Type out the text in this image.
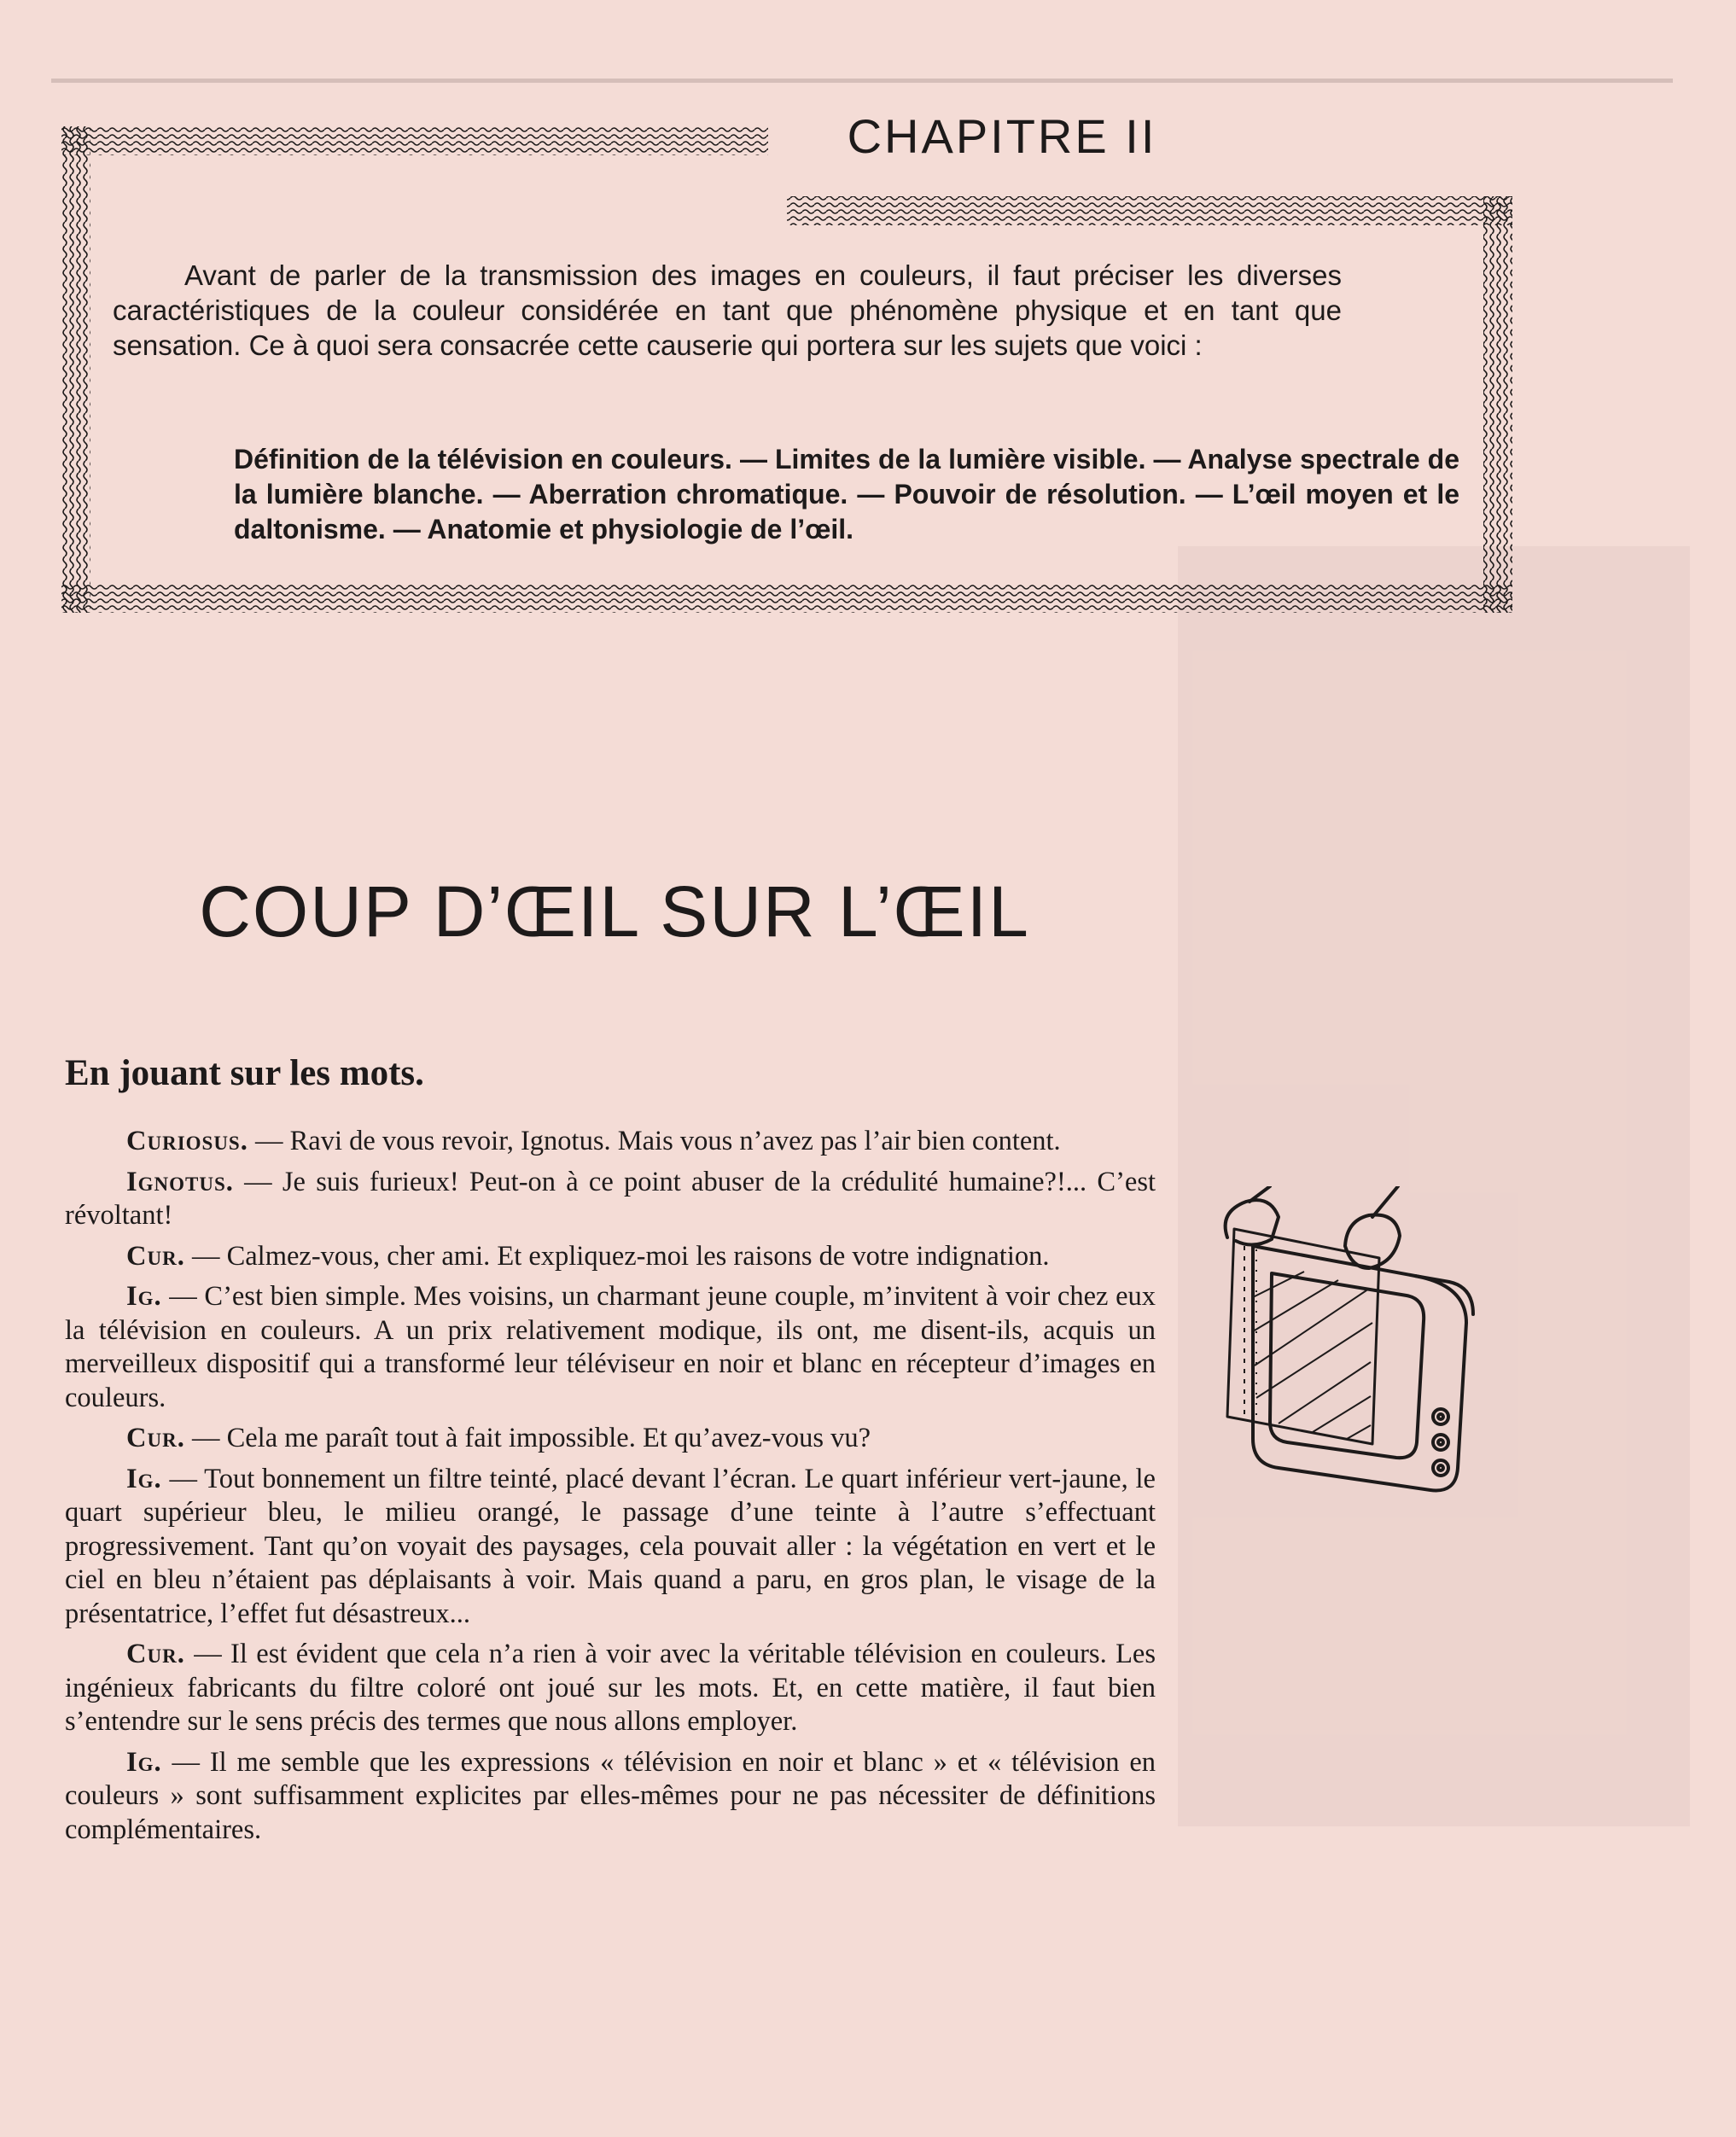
CHAPITRE II

Avant de parler de la transmission des images en couleurs, il faut préciser les diverses caractéristiques de la couleur considérée en tant que phénomène physique et en tant que sensation. Ce à quoi sera consacrée cette causerie qui portera sur les sujets que voici :

Définition de la télévision en couleurs. — Limites de la lumière visible. — Analyse spectrale de la lumière blanche. — Aberration chromatique. — Pouvoir de résolution. — L’œil moyen et le daltonisme. — Anatomie et physiologie de l’œil.

COUP D’ŒIL SUR L’ŒIL
En jouant sur les mots.

Curiosus. — Ravi de vous revoir, Ignotus. Mais vous n’avez pas l’air bien content.

Ignotus. — Je suis furieux! Peut-on à ce point abuser de la crédulité humaine?!... C’est révoltant!

Cur. — Calmez-vous, cher ami. Et expliquez-moi les raisons de votre indignation.

Ig. — C’est bien simple. Mes voisins, un charmant jeune couple, m’invitent à voir chez eux la télévision en couleurs. A un prix relativement modique, ils ont, me disent-ils, acquis un merveilleux dispositif qui a transformé leur téléviseur en noir et blanc en récepteur d’images en couleurs.

Cur. — Cela me paraît tout à fait impossible. Et qu’avez-vous vu?

Ig. — Tout bonnement un filtre teinté, placé devant l’écran. Le quart inférieur vert-jaune, le quart supérieur bleu, le milieu orangé, le passage d’une teinte à l’autre s’effectuant progressivement. Tant qu’on voyait des paysages, cela pouvait aller : la végétation en vert et le ciel en bleu n’étaient pas déplaisants à voir. Mais quand a paru, en gros plan, le visage de la présentatrice, l’effet fut désastreux...

Cur. — Il est évident que cela n’a rien à voir avec la véritable télévision en couleurs. Les ingénieux fabricants du filtre coloré ont joué sur les mots. Et, en cette matière, il faut bien s’entendre sur le sens précis des termes que nous allons employer.

Ig. — Il me semble que les expressions « télévision en noir et blanc » et « télévision en couleurs » sont suffisamment explicites par elles-mêmes pour ne pas nécessiter de définitions complémentaires.
